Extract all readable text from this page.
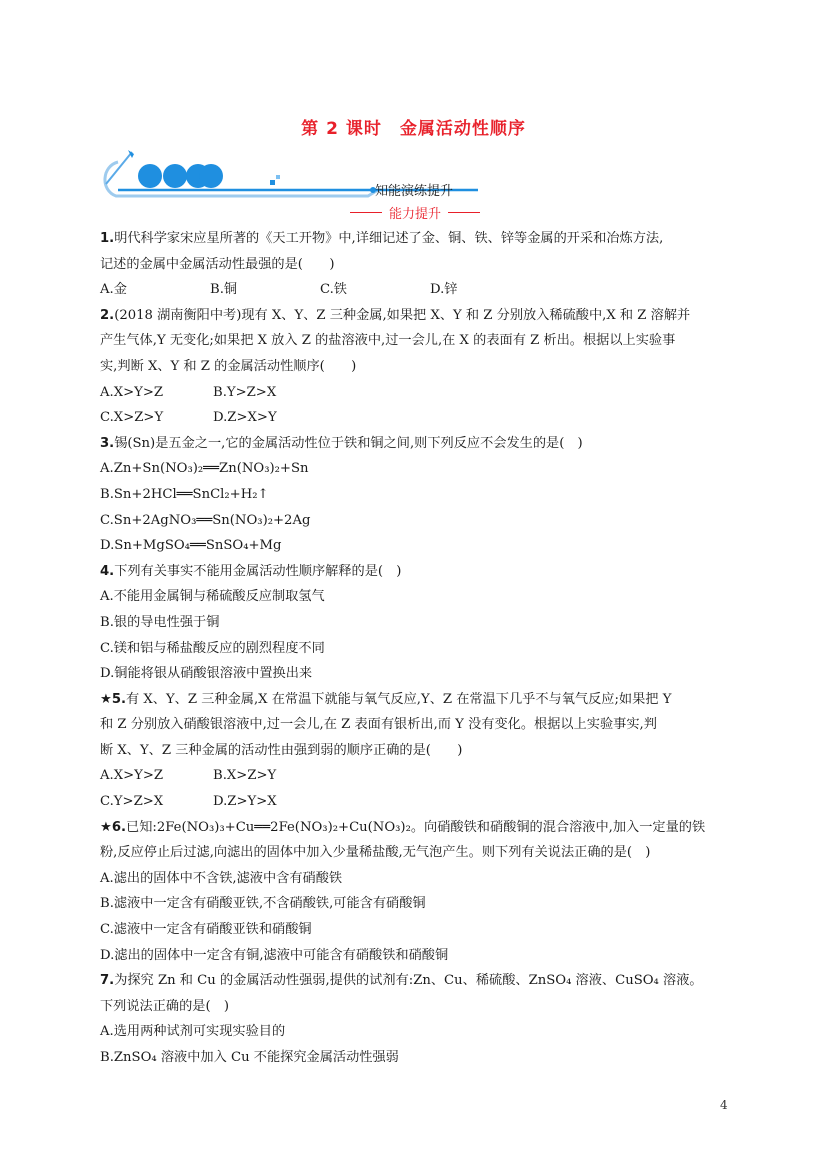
第 2 课时　金属活动性顺序
知能演练提升
能力提升
1.明代科学家宋应星所著的《天工开物》中,详细记述了金、铜、铁、锌等金属的开采和冶炼方法,
记述的金属中金属活动性最强的是(　　)
A.金	B.铜	C.铁	D.锌
2.(2018 湖南衡阳中考)现有 X、Y、Z 三种金属,如果把 X、Y 和 Z 分别放入稀硫酸中,X 和 Z 溶解并
产生气体,Y 无变化;如果把 X 放入 Z 的盐溶液中,过一会儿,在 X 的表面有 Z 析出。根据以上实验事
实,判断 X、Y 和 Z 的金属活动性顺序(　　)
A.X>Y>Z	B.Y>Z>X
C.X>Z>Y	D.Z>X>Y
3.锡(Sn)是五金之一,它的金属活动性位于铁和铜之间,则下列反应不会发生的是(　)
A.Zn+Sn(NO₃)₂══Zn(NO₃)₂+Sn
B.Sn+2HCl══SnCl₂+H₂↑
C.Sn+2AgNO₃══Sn(NO₃)₂+2Ag
D.Sn+MgSO₄══SnSO₄+Mg
4.下列有关事实不能用金属活动性顺序解释的是(　)
A.不能用金属铜与稀硫酸反应制取氢气
B.银的导电性强于铜
C.镁和铝与稀盐酸反应的剧烈程度不同
D.铜能将银从硝酸银溶液中置换出来
★5.有 X、Y、Z 三种金属,X 在常温下就能与氧气反应,Y、Z 在常温下几乎不与氧气反应;如果把 Y
和 Z 分别放入硝酸银溶液中,过一会儿,在 Z 表面有银析出,而 Y 没有变化。根据以上实验事实,判
断 X、Y、Z 三种金属的活动性由强到弱的顺序正确的是(　　)
A.X>Y>Z	B.X>Z>Y
C.Y>Z>X	D.Z>Y>X
★6.已知:2Fe(NO₃)₃+Cu══2Fe(NO₃)₂+Cu(NO₃)₂。向硝酸铁和硝酸铜的混合溶液中,加入一定量的铁
粉,反应停止后过滤,向滤出的固体中加入少量稀盐酸,无气泡产生。则下列有关说法正确的是(　)
A.滤出的固体中不含铁,滤液中含有硝酸铁
B.滤液中一定含有硝酸亚铁,不含硝酸铁,可能含有硝酸铜
C.滤液中一定含有硝酸亚铁和硝酸铜
D.滤出的固体中一定含有铜,滤液中可能含有硝酸铁和硝酸铜
7.为探究 Zn 和 Cu 的金属活动性强弱,提供的试剂有:Zn、Cu、稀硫酸、ZnSO₄ 溶液、CuSO₄ 溶液。
下列说法正确的是(　)
A.选用两种试剂可实现实验目的
B.ZnSO₄ 溶液中加入 Cu 不能探究金属活动性强弱
4
